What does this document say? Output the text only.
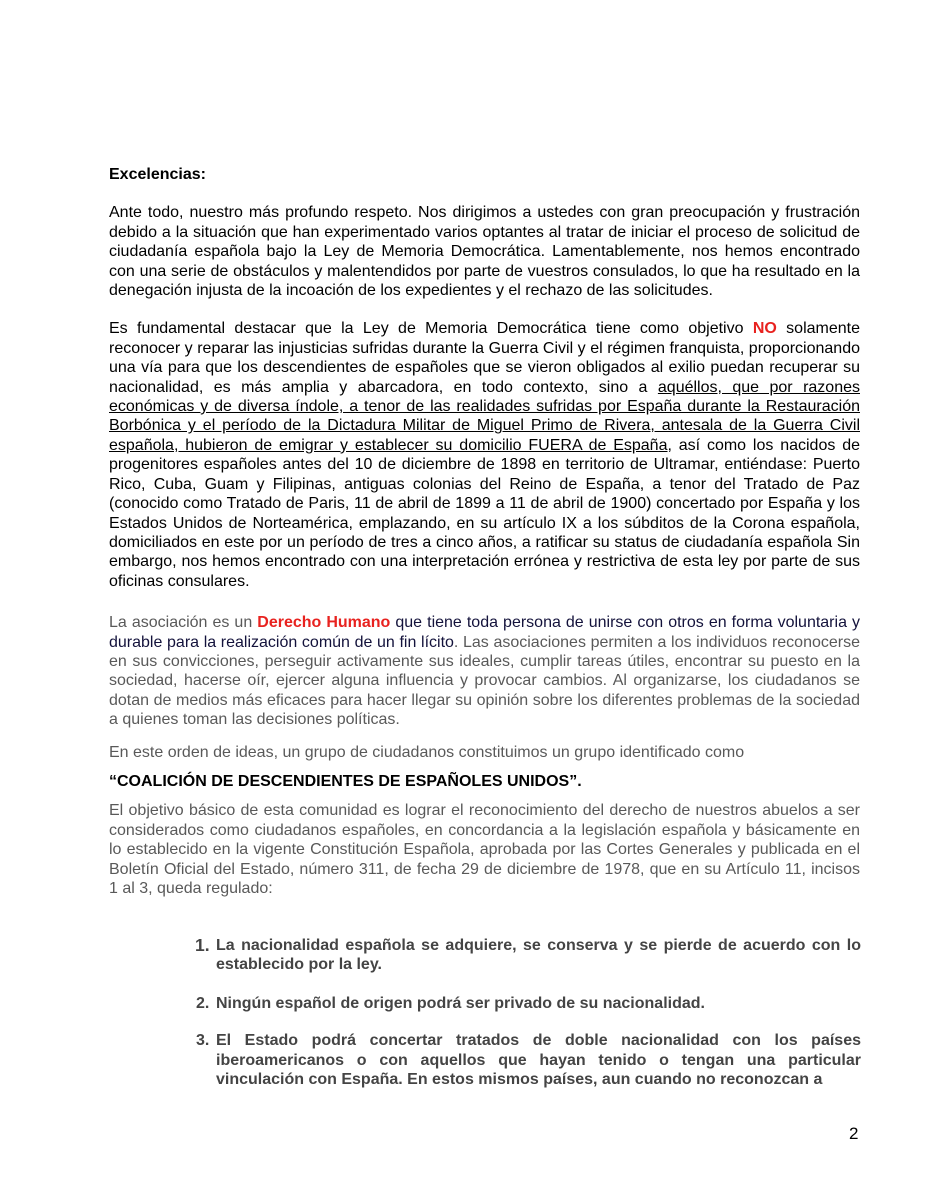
Excelencias:

Ante todo, nuestro más profundo respeto. Nos dirigimos a ustedes con gran preocupación y frustración debido a la situación que han experimentado varios optantes al tratar de iniciar el proceso de solicitud de ciudadanía española bajo la Ley de Memoria Democrática. Lamentablemente, nos hemos encontrado con una serie de obstáculos y malentendidos por parte de vuestros consulados, lo que ha resultado en la denegación injusta de la incoación de los expedientes y el rechazo de las solicitudes.

Es fundamental destacar que la Ley de Memoria Democrática tiene como objetivo NO solamente reconocer y reparar las injusticias sufridas durante la Guerra Civil y el régimen franquista, proporcionando una vía para que los descendientes de españoles que se vieron obligados al exilio puedan recuperar su nacionalidad, es más amplia y abarcadora, en todo contexto, sino a aquéllos, que por razones económicas y de diversa índole, a tenor de las realidades sufridas por España durante la Restauración Borbónica y el período de la Dictadura Militar de Miguel Primo de Rivera, antesala de la Guerra Civil española, hubieron de emigrar y establecer su domicilio FUERA de España, así como los nacidos de progenitores españoles antes del 10 de diciembre de 1898 en territorio de Ultramar, entiéndase: Puerto Rico, Cuba, Guam y Filipinas, antiguas colonias del Reino de España, a tenor del Tratado de Paz (conocido como Tratado de Paris, 11 de abril de 1899 a 11 de abril de 1900) concertado por España y los Estados Unidos de Norteamérica, emplazando, en su artículo IX a los súbditos de la Corona española, domiciliados en este por un período de tres a cinco años, a ratificar su status de ciudadanía española Sin embargo, nos hemos encontrado con una interpretación errónea y restrictiva de esta ley por parte de sus oficinas consulares.

La asociación es un Derecho Humano que tiene toda persona de unirse con otros en forma voluntaria y durable para la realización común de un fin lícito. Las asociaciones permiten a los individuos reconocerse en sus convicciones, perseguir activamente sus ideales, cumplir tareas útiles, encontrar su puesto en la sociedad, hacerse oír, ejercer alguna influencia y provocar cambios. Al organizarse, los ciudadanos se dotan de medios más eficaces para hacer llegar su opinión sobre los diferentes problemas de la sociedad a quienes toman las decisiones políticas.

En este orden de ideas, un grupo de ciudadanos constituimos un grupo identificado como

“COALICIÓN DE DESCENDIENTES DE ESPAÑOLES UNIDOS”.

El objetivo básico de esta comunidad es lograr el reconocimiento del derecho de nuestros abuelos a ser considerados como ciudadanos españoles, en concordancia a la legislación española y básicamente en lo establecido en la vigente Constitución Española, aprobada por las Cortes Generales y publicada en el Boletín Oficial del Estado, número 311, de fecha 29 de diciembre de 1978, que en su Artículo 11, incisos 1 al 3, queda regulado:

1. La nacionalidad española se adquiere, se conserva y se pierde de acuerdo con lo establecido por la ley.
2. Ningún español de origen podrá ser privado de su nacionalidad.
3. El Estado podrá concertar tratados de doble nacionalidad con los países iberoamericanos o con aquellos que hayan tenido o tengan una particular vinculación con España. En estos mismos países, aun cuando no reconozcan a
2
